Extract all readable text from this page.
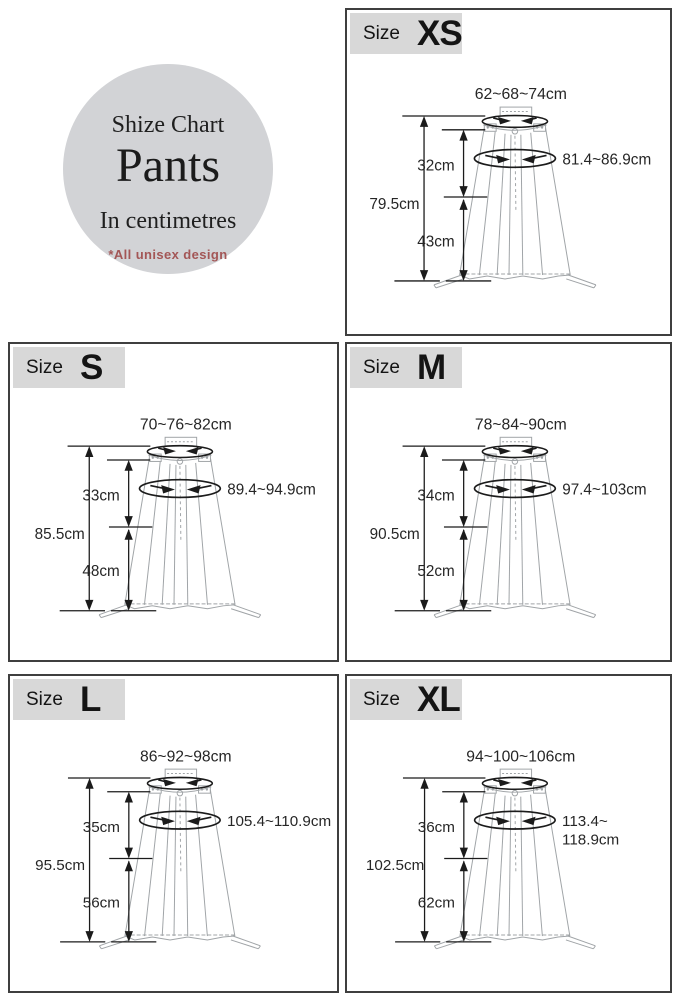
Shize Chart
Pants
In centimetres
*All unisex design
Size XS
62~68~74cm
79.5cm
32cm
43cm
81.4~86.9cm
Size S
70~76~82cm
85.5cm
33cm
48cm
89.4~94.9cm
Size M
78~84~90cm
90.5cm
34cm
52cm
97.4~103cm
Size L
86~92~98cm
95.5cm
35cm
56cm
105.4~110.9cm
Size XL
94~100~106cm
102.5cm
36cm
62cm
113.4~
118.9cm
